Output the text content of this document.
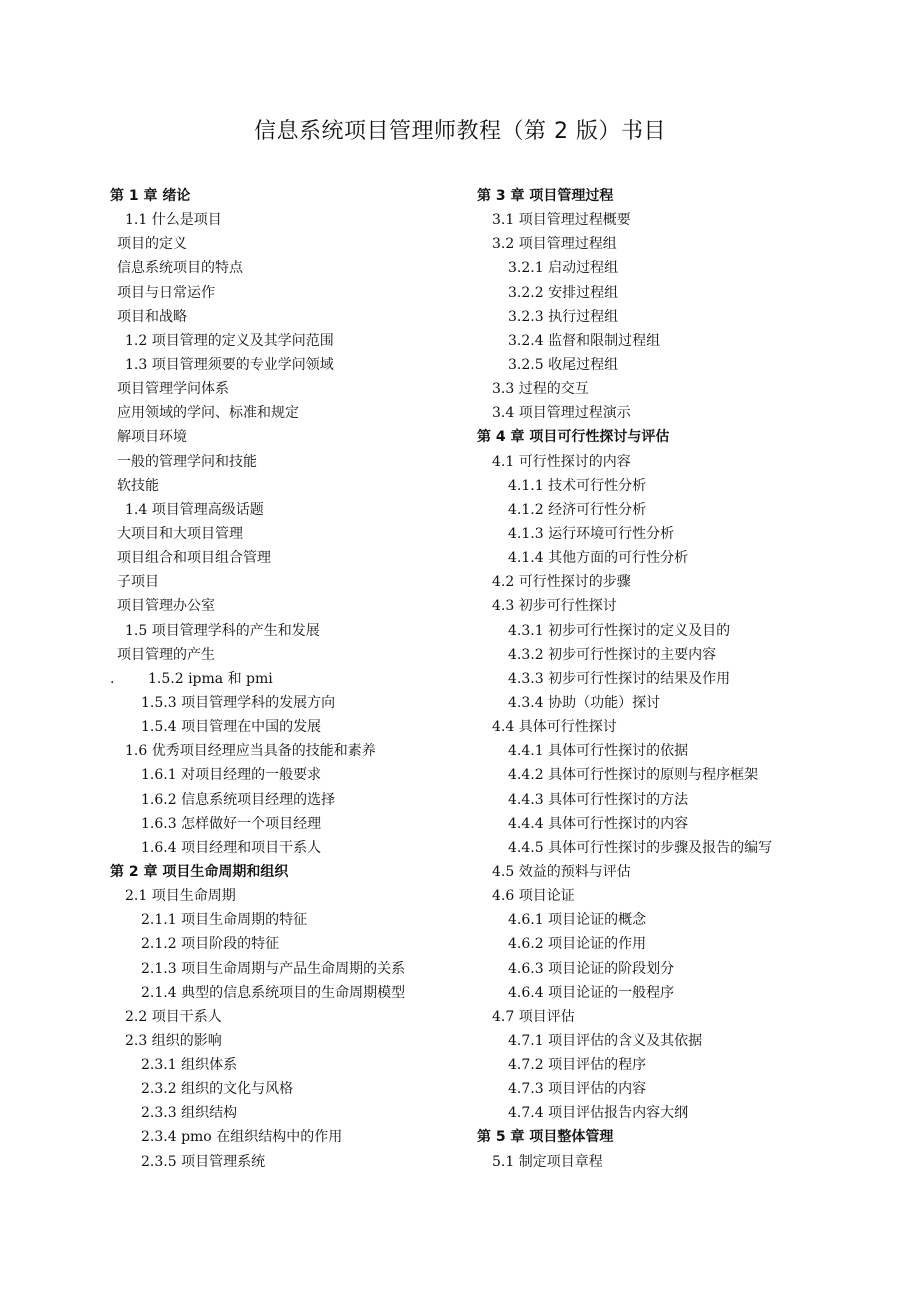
信息系统项目管理师教程（第 2 版）书目
第 1 章 绪论
1.1 什么是项目
项目的定义
信息系统项目的特点
项目与日常运作
项目和战略
1.2 项目管理的定义及其学问范围
1.3 项目管理须要的专业学问领域
项目管理学问体系
应用领域的学问、标准和规定
解项目环境
一般的管理学问和技能
软技能
1.4 项目管理高级话题
大项目和大项目管理
项目组合和项目组合管理
子项目
项目管理办公室
1.5 项目管理学科的产生和发展
项目管理的产生
. 1.5.2 ipma 和 pmi
1.5.3 项目管理学科的发展方向
1.5.4 项目管理在中国的发展
1.6 优秀项目经理应当具备的技能和素养
1.6.1 对项目经理的一般要求
1.6.2 信息系统项目经理的选择
1.6.3 怎样做好一个项目经理
1.6.4 项目经理和项目干系人
第 2 章 项目生命周期和组织
2.1 项目生命周期
2.1.1 项目生命周期的特征
2.1.2 项目阶段的特征
2.1.3 项目生命周期与产品生命周期的关系
2.1.4 典型的信息系统项目的生命周期模型
2.2 项目干系人
2.3 组织的影响
2.3.1 组织体系
2.3.2 组织的文化与风格
2.3.3 组织结构
2.3.4 pmo 在组织结构中的作用
2.3.5 项目管理系统
第 3 章 项目管理过程
3.1 项目管理过程概要
3.2 项目管理过程组
3.2.1 启动过程组
3.2.2 安排过程组
3.2.3 执行过程组
3.2.4 监督和限制过程组
3.2.5 收尾过程组
3.3 过程的交互
3.4 项目管理过程演示
第 4 章 项目可行性探讨与评估
4.1 可行性探讨的内容
4.1.1 技术可行性分析
4.1.2 经济可行性分析
4.1.3 运行环境可行性分析
4.1.4 其他方面的可行性分析
4.2 可行性探讨的步骤
4.3 初步可行性探讨
4.3.1 初步可行性探讨的定义及目的
4.3.2 初步可行性探讨的主要内容
4.3.3 初步可行性探讨的结果及作用
4.3.4 协助（功能）探讨
4.4 具体可行性探讨
4.4.1 具体可行性探讨的依据
4.4.2 具体可行性探讨的原则与程序框架
4.4.3 具体可行性探讨的方法
4.4.4 具体可行性探讨的内容
4.4.5 具体可行性探讨的步骤及报告的编写
4.5 效益的预料与评估
4.6 项目论证
4.6.1 项目论证的概念
4.6.2 项目论证的作用
4.6.3 项目论证的阶段划分
4.6.4 项目论证的一般程序
4.7 项目评估
4.7.1 项目评估的含义及其依据
4.7.2 项目评估的程序
4.7.3 项目评估的内容
4.7.4 项目评估报告内容大纲
第 5 章 项目整体管理
5.1 制定项目章程
